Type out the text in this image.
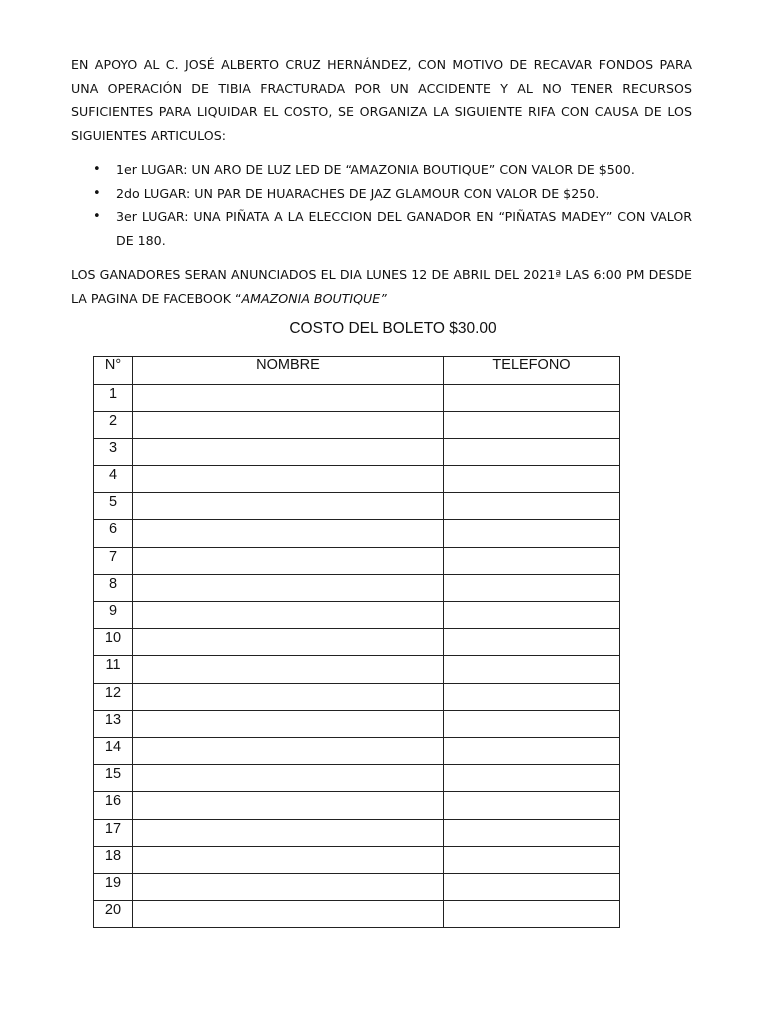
EN APOYO AL C. JOSÉ ALBERTO CRUZ HERNÁNDEZ, CON MOTIVO DE RECAVAR FONDOS PARA UNA OPERACIÓN DE TIBIA FRACTURADA POR UN ACCIDENTE Y AL NO TENER RECURSOS SUFICIENTES PARA LIQUIDAR EL COSTO, SE ORGANIZA LA SIGUIENTE RIFA CON CAUSA DE LOS SIGUIENTES ARTICULOS:

• 1er LUGAR: UN ARO DE LUZ LED DE “AMAZONIA BOUTIQUE” CON VALOR DE $500.
• 2do LUGAR: UN PAR DE HUARACHES DE JAZ GLAMOUR CON VALOR DE $250.
• 3er LUGAR: UNA PIÑATA A LA ELECCION DEL GANADOR EN “PIÑATAS MADEY” CON VALOR DE 180.

LOS GANADORES SERAN ANUNCIADOS EL DIA LUNES 12 DE ABRIL DEL 2021ª LAS 6:00 PM DESDE LA PAGINA DE FACEBOOK “AMAZONIA BOUTIQUE”

COSTO DEL BOLETO $30.00

N°	NOMBRE	TELEFONO
1		
2		
3		
4		
5		
6		
7		
8		
9		
10		
11		
12		
13		
14		
15		
16		
17		
18		
19		
20		
